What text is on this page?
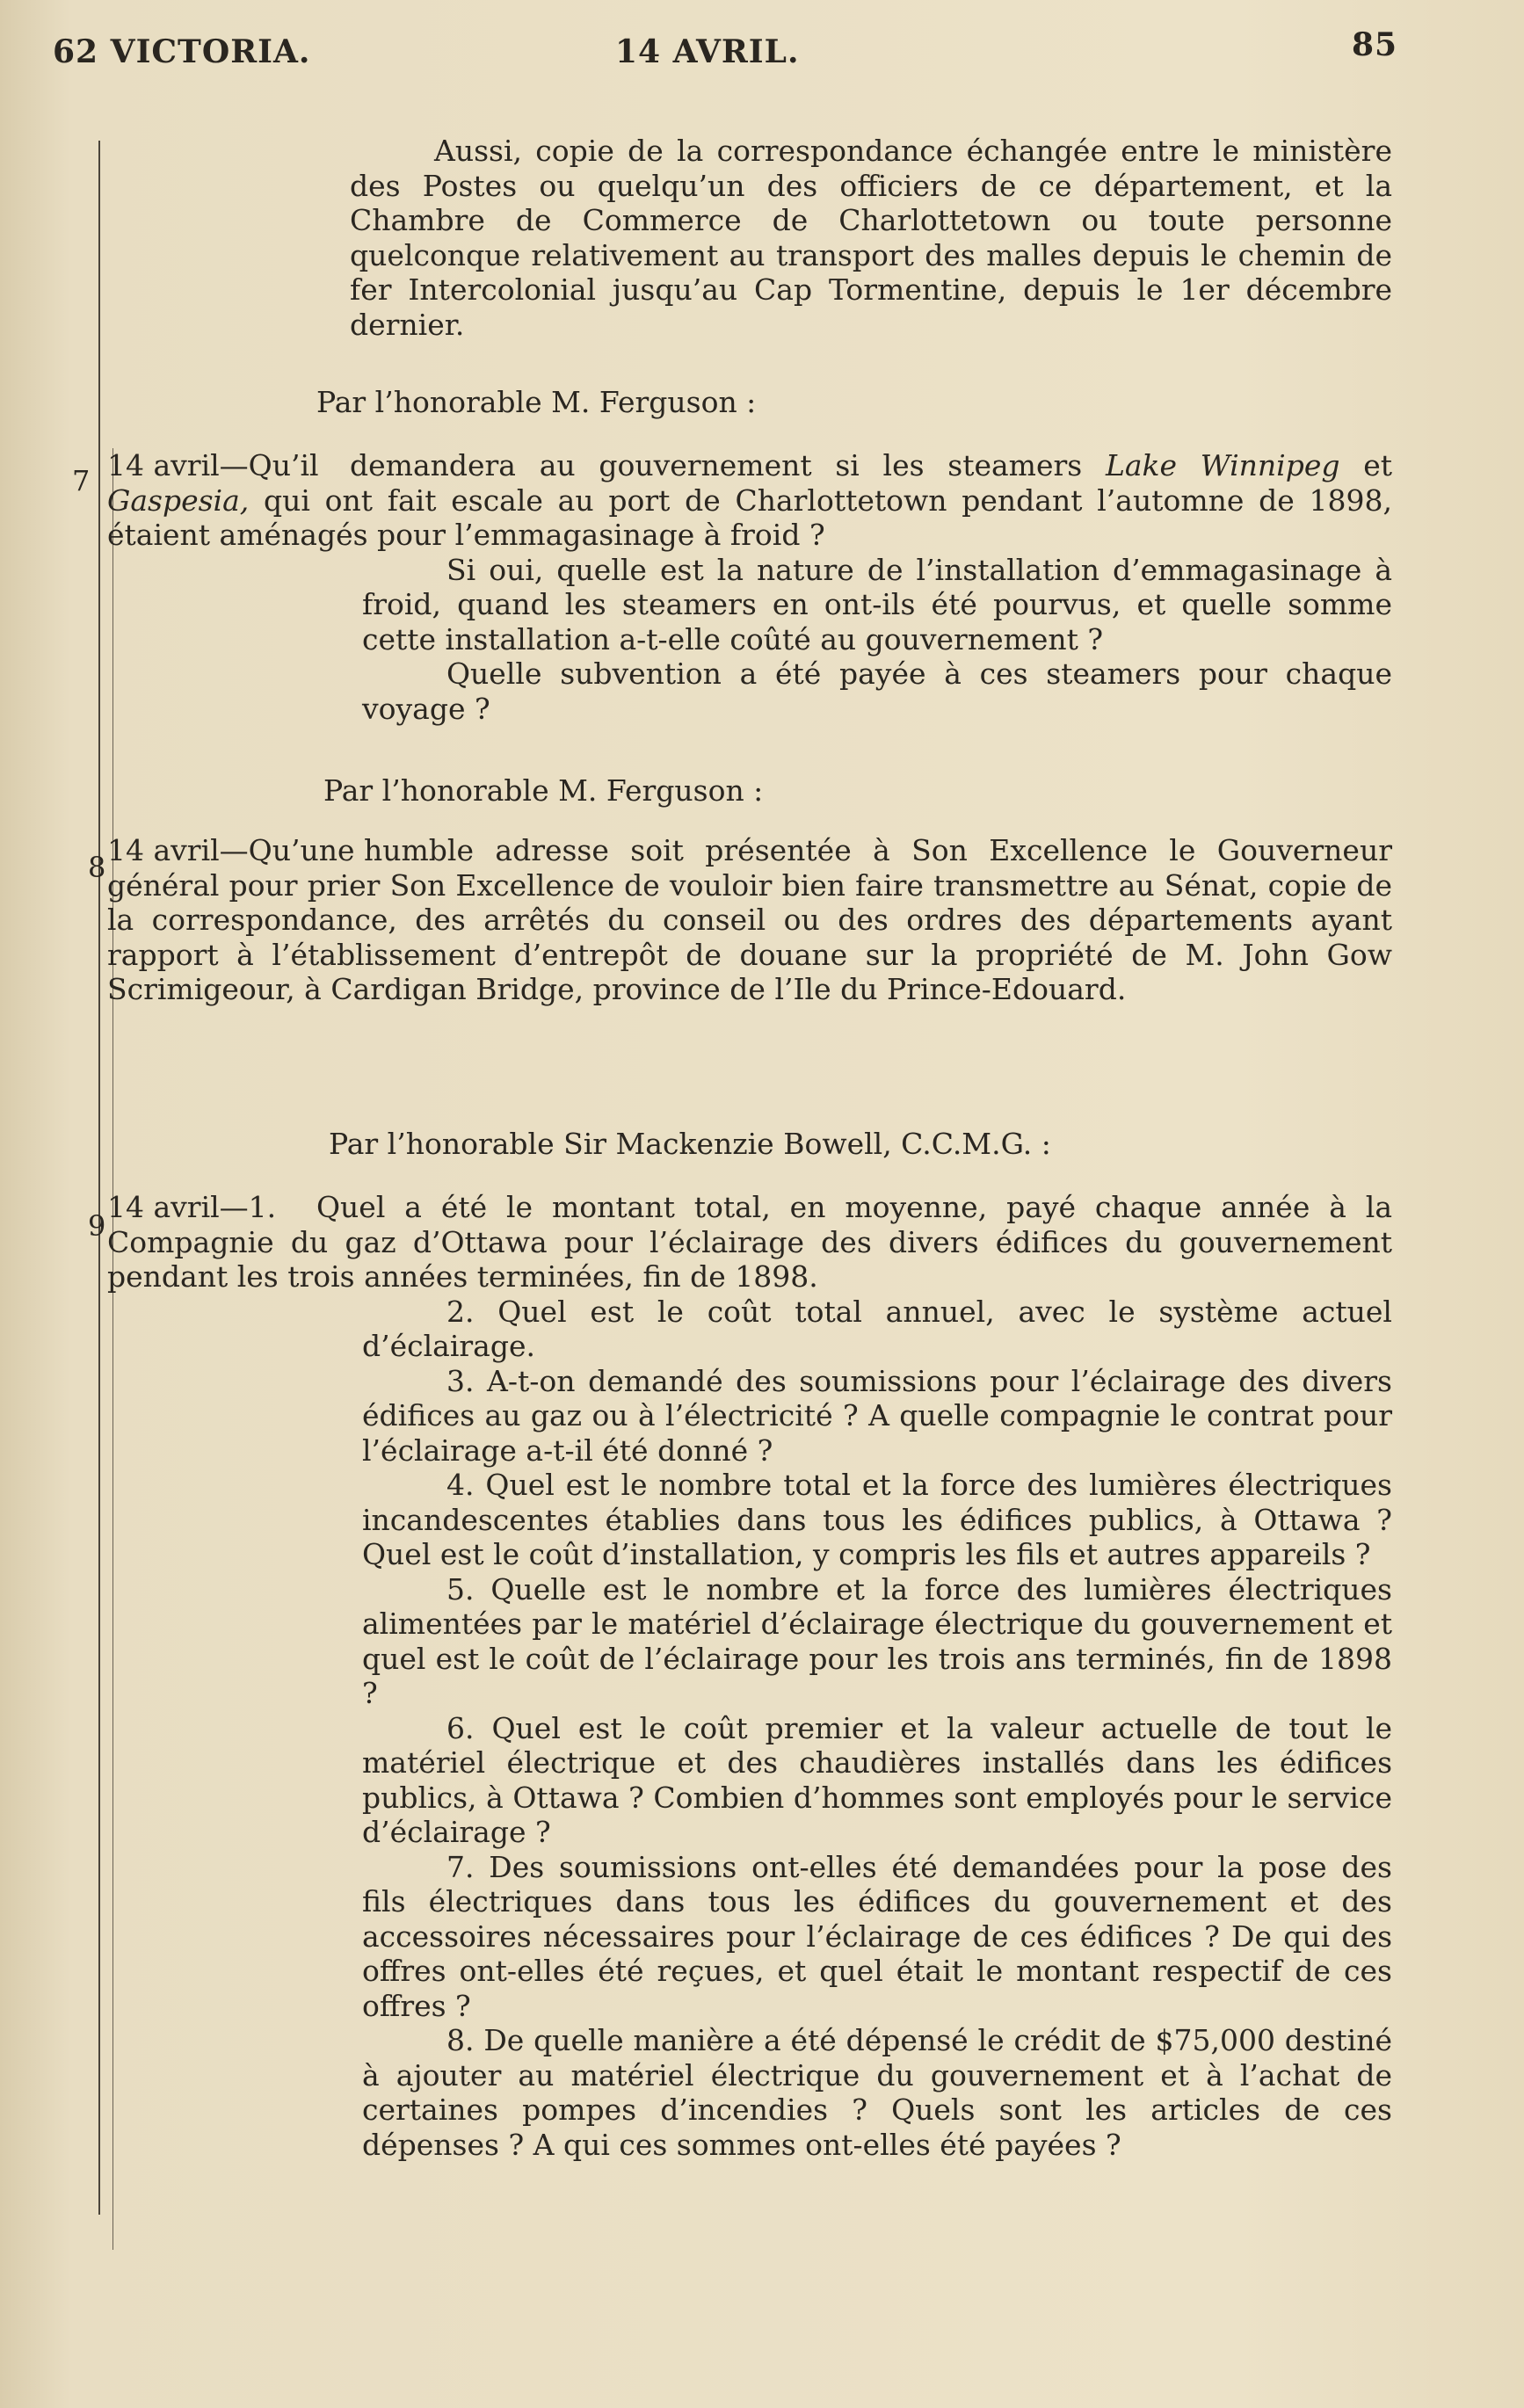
62 VICTORIA.	14 AVRIL.	85

Aussi, copie de la correspondance échangée entre le ministère des Postes ou quelqu’un des officiers de ce département, et la Chambre de Commerce de Charlottetown ou toute personne quelconque relativement au transport des malles depuis le chemin de fer Intercolonial jusqu’au Cap Tormentine, depuis le 1er décembre dernier.

Par l’honorable M. Ferguson :
7 14 avril—Qu’il demandera au gouvernement si les steamers Lake Winnipeg et Gaspesia, qui ont fait escale au port de Charlottetown pendant l’automne de 1898, étaient aménagés pour l’emmagasinage à froid ?
Si oui, quelle est la nature de l’installation d’emmagasinage à froid, quand les steamers en ont-ils été pourvus, et quelle somme cette installation a-t-elle coûté au gouvernement ?
Quelle subvention a été payée à ces steamers pour chaque voyage ?
Par l’honorable M. Ferguson :
8 14 avril—Qu’une humble adresse soit présentée à Son Excellence le Gouverneur général pour prier Son Excellence de vouloir bien faire transmettre au Sénat, copie de la correspondance, des arrêtés du conseil ou des ordres des départements ayant rapport à l’établissement d’entrepôt de douane sur la propriété de M. John Gow Scrimigeour, à Cardigan Bridge, province de l’Ile du Prince-Edouard.
Par l’honorable Sir Mackenzie Bowell, C.C.M.G. :
9
14 avril—1. Quel a été le montant total, en moyenne, payé chaque année à la Compagnie du gaz d’Ottawa pour l’éclairage des divers édifices du gouvernement pendant les trois années terminées, fin de 1898.
2. Quel est le coût total annuel, avec le système actuel d’éclairage.
3. A-t-on demandé des soumissions pour l’éclairage des divers édifices au gaz ou à l’électricité ? A quelle compagnie le contrat pour l’éclairage a-t-il été donné ?
4. Quel est le nombre total et la force des lumières électriques incandescentes établies dans tous les édifices publics, à Ottawa ? Quel est le coût d’installation, y compris les fils et autres appareils ?
5. Quelle est le nombre et la force des lumières électriques alimentées par le matériel d’éclairage électrique du gouvernement et quel est le coût de l’éclairage pour les trois ans terminés, fin de 1898 ?
6. Quel est le coût premier et la valeur actuelle de tout le matériel électrique et des chaudières installés dans les édifices publics, à Ottawa ? Combien d’hommes sont employés pour le service d’éclairage ?
7. Des soumissions ont-elles été demandées pour la pose des fils électriques dans tous les édifices du gouvernement et des accessoires nécessaires pour l’éclairage de ces édifices ? De qui des offres ont-elles été reçues, et quel était le montant respectif de ces offres ?
8. De quelle manière a été dépensé le crédit de $75,000 destiné à ajouter au matériel électrique du gouvernement et à l’achat de certaines pompes d’incendies ? Quels sont les articles de ces dépenses ? A qui ces sommes ont-elles été payées ?
